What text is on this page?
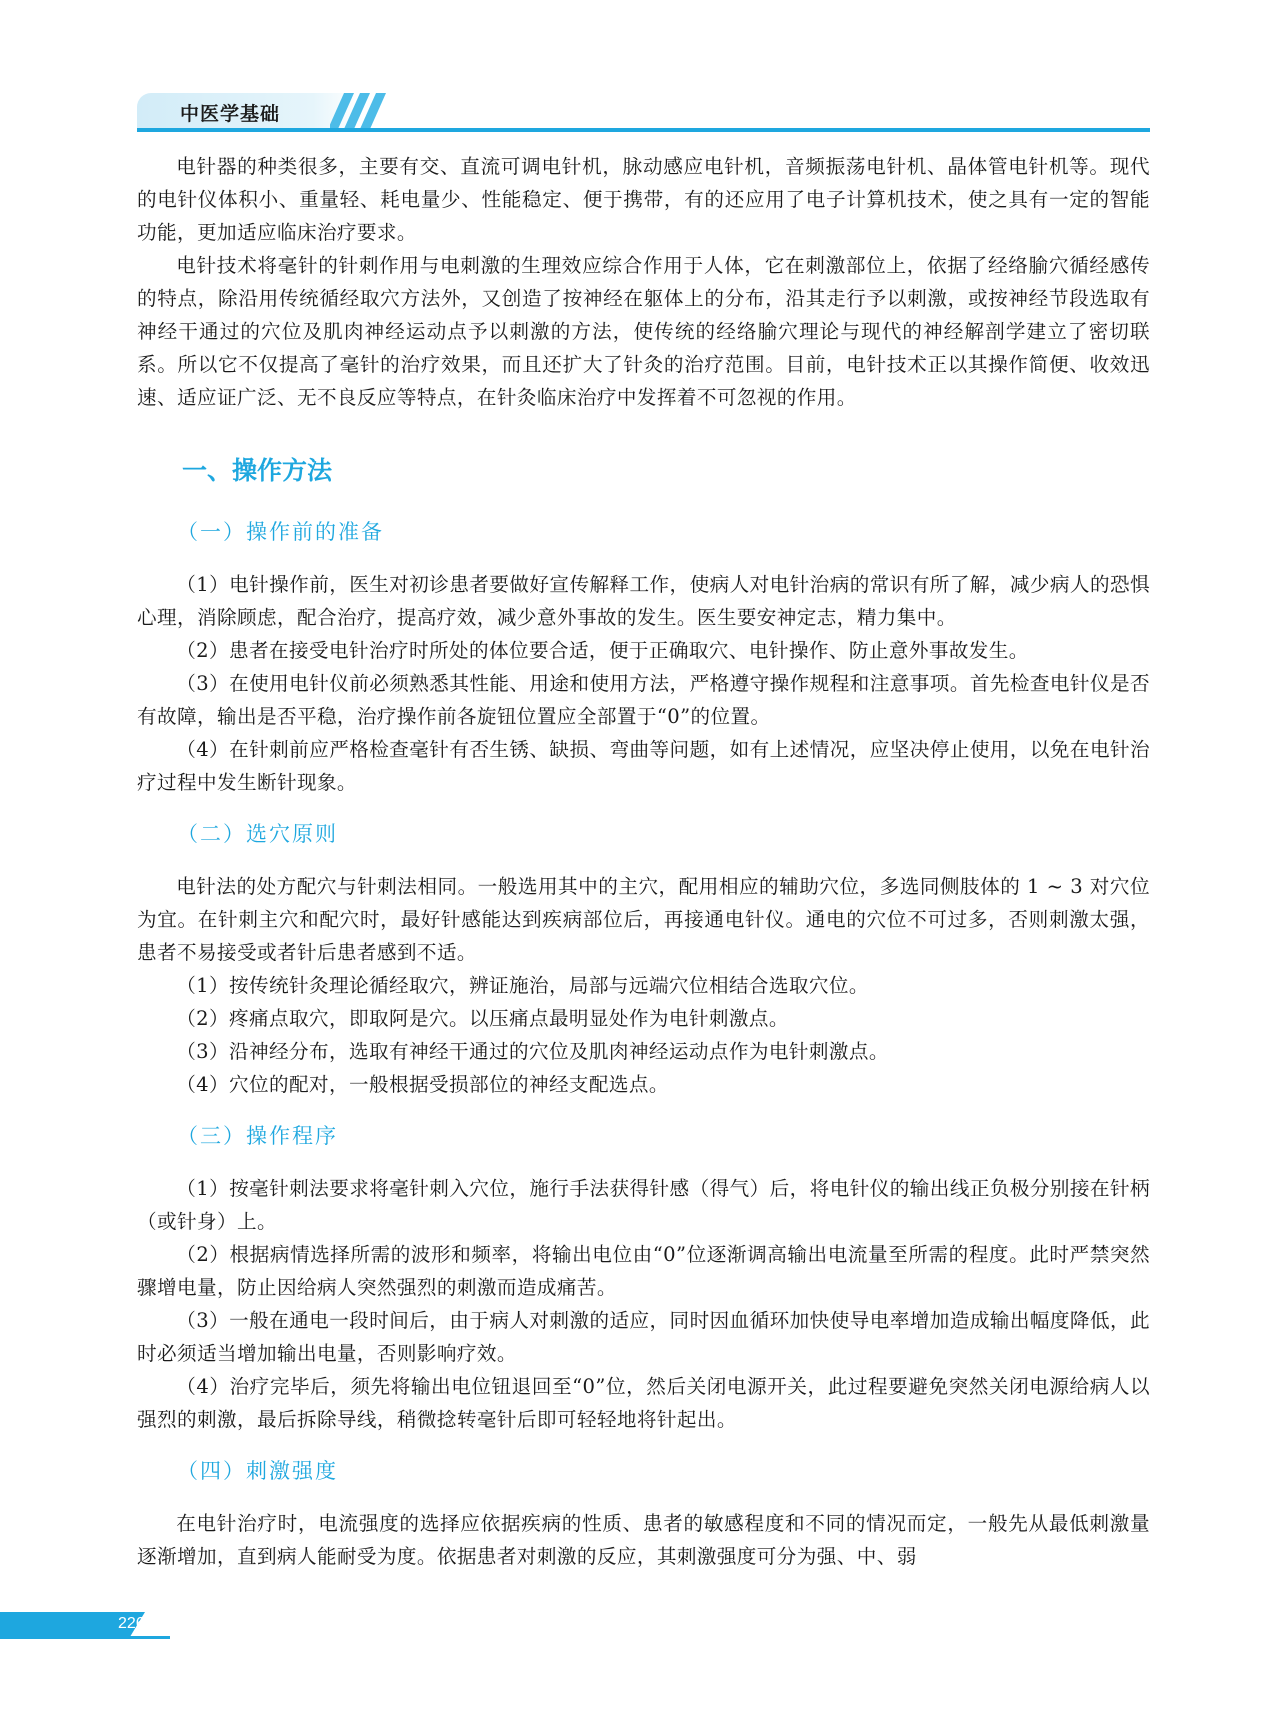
中医学基础

电针器的种类很多，主要有交、直流可调电针机，脉动感应电针机，音频振荡电针机、晶体管电针机等。现代的电针仪体积小、重量轻、耗电量少、性能稳定、便于携带，有的还应用了电子计算机技术，使之具有一定的智能功能，更加适应临床治疗要求。

电针技术将毫针的针刺作用与电刺激的生理效应综合作用于人体，它在刺激部位上，依据了经络腧穴循经感传的特点，除沿用传统循经取穴方法外，又创造了按神经在躯体上的分布，沿其走行予以刺激，或按神经节段选取有神经干通过的穴位及肌肉神经运动点予以刺激的方法，使传统的经络腧穴理论与现代的神经解剖学建立了密切联系。所以它不仅提高了毫针的治疗效果，而且还扩大了针灸的治疗范围。目前，电针技术正以其操作简便、收效迅速、适应证广泛、无不良反应等特点，在针灸临床治疗中发挥着不可忽视的作用。

一、操作方法
（一）操作前的准备

（1）电针操作前，医生对初诊患者要做好宣传解释工作，使病人对电针治病的常识有所了解，减少病人的恐惧心理，消除顾虑，配合治疗，提高疗效，减少意外事故的发生。医生要安神定志，精力集中。

（2）患者在接受电针治疗时所处的体位要合适，便于正确取穴、电针操作、防止意外事故发生。

（3）在使用电针仪前必须熟悉其性能、用途和使用方法，严格遵守操作规程和注意事项。首先检查电针仪是否有故障，输出是否平稳，治疗操作前各旋钮位置应全部置于“0”的位置。

（4）在针刺前应严格检查毫针有否生锈、缺损、弯曲等问题，如有上述情况，应坚决停止使用，以免在电针治疗过程中发生断针现象。

（二）选穴原则

电针法的处方配穴与针刺法相同。一般选用其中的主穴，配用相应的辅助穴位，多选同侧肢体的 1 ~ 3 对穴位为宜。在针刺主穴和配穴时，最好针感能达到疾病部位后，再接通电针仪。通电的穴位不可过多，否则刺激太强，患者不易接受或者针后患者感到不适。

（1）按传统针灸理论循经取穴，辨证施治，局部与远端穴位相结合选取穴位。

（2）疼痛点取穴，即取阿是穴。以压痛点最明显处作为电针刺激点。

（3）沿神经分布，选取有神经干通过的穴位及肌肉神经运动点作为电针刺激点。

（4）穴位的配对，一般根据受损部位的神经支配选点。

（三）操作程序

（1）按毫针刺法要求将毫针刺入穴位，施行手法获得针感（得气）后，将电针仪的输出线正负极分别接在针柄（或针身）上。

（2）根据病情选择所需的波形和频率，将输出电位由“0”位逐渐调高输出电流量至所需的程度。此时严禁突然骤增电量，防止因给病人突然强烈的刺激而造成痛苦。

（3）一般在通电一段时间后，由于病人对刺激的适应，同时因血循环加快使导电率增加造成输出幅度降低，此时必须适当增加输出电量，否则影响疗效。

（4）治疗完毕后，须先将输出电位钮退回至“0”位，然后关闭电源开关，此过程要避免突然关闭电源给病人以强烈的刺激，最后拆除导线，稍微捻转毫针后即可轻轻地将针起出。

（四）刺激强度

在电针治疗时，电流强度的选择应依据疾病的性质、患者的敏感程度和不同的情况而定，一般先从最低刺激量逐渐增加，直到病人能耐受为度。依据患者对刺激的反应，其刺激强度可分为强、中、弱

226
